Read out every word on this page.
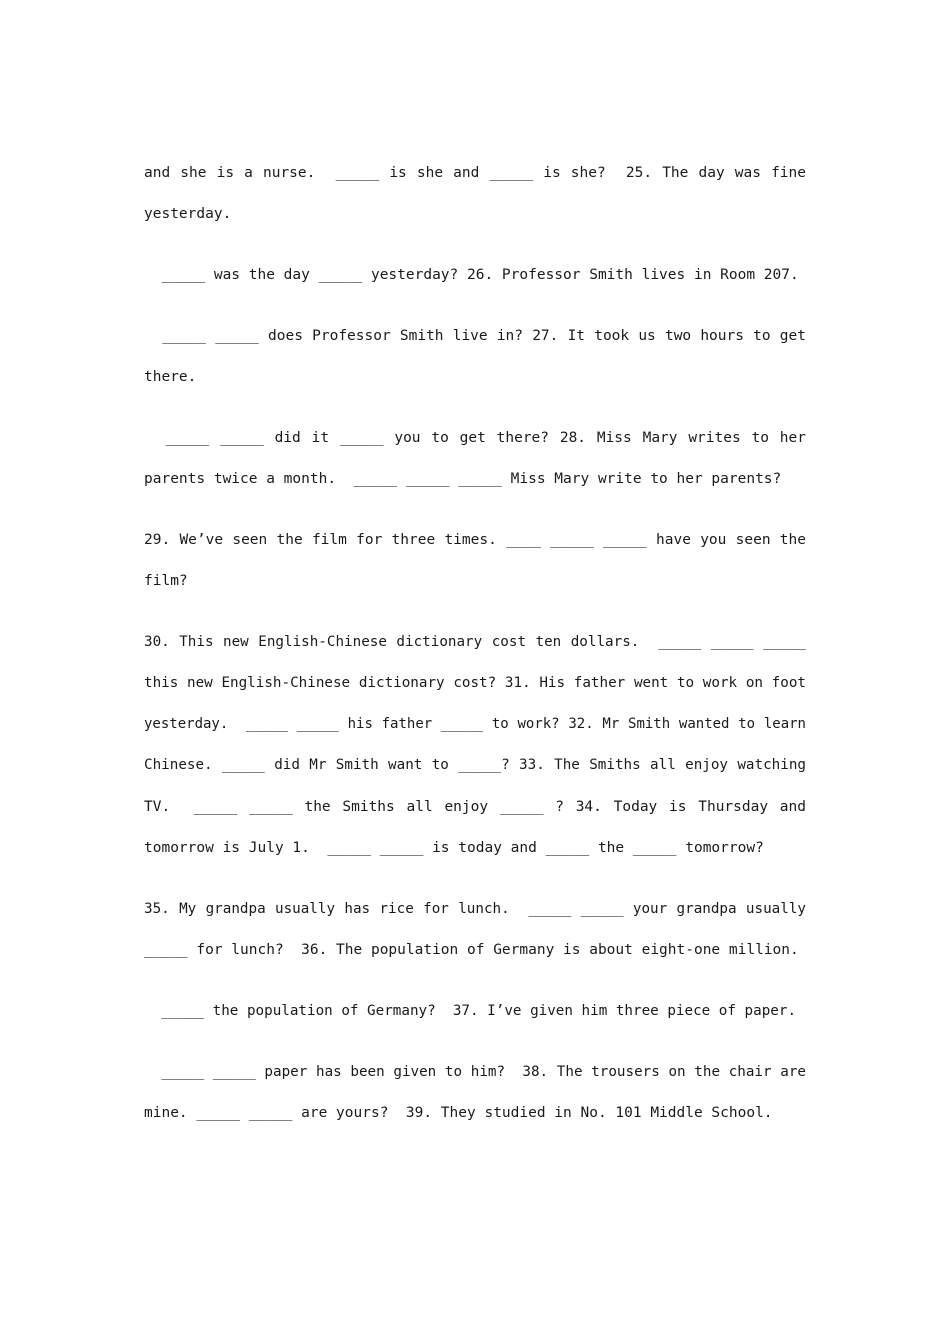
and she is a nurse.  _____ is she and _____ is she?  25. The day was fine
yesterday.
_____ was the day _____ yesterday? 26. Professor Smith lives in Room 207.
_____ _____ does Professor Smith live in? 27. It took us two hours to get
there.
_____ _____ did it _____ you to get there? 28. Miss Mary writes to her
parents twice a month.  _____ _____ _____ Miss Mary write to her parents?
29. We’ve seen the film for three times. ____ _____ _____ have you seen the
film?
30. This new English-Chinese dictionary cost ten dollars.  _____ _____ _____
this new English-Chinese dictionary cost? 31. His father went to work on foot
yesterday.  _____ _____ his father _____ to work? 32. Mr Smith wanted to learn
Chinese. _____ did Mr Smith want to _____? 33. The Smiths all enjoy watching
TV.  _____ _____ the Smiths all enjoy _____ ? 34. Today is Thursday and
tomorrow is July 1.  _____ _____ is today and _____ the _____ tomorrow?
35. My grandpa usually has rice for lunch.  _____ _____ your grandpa usually
_____ for lunch?  36. The population of Germany is about eight-one million.
_____ the population of Germany?  37. I’ve given him three piece of paper.
_____ _____ paper has been given to him?  38. The trousers on the chair are
mine. _____ _____ are yours?  39. They studied in No. 101 Middle School.
